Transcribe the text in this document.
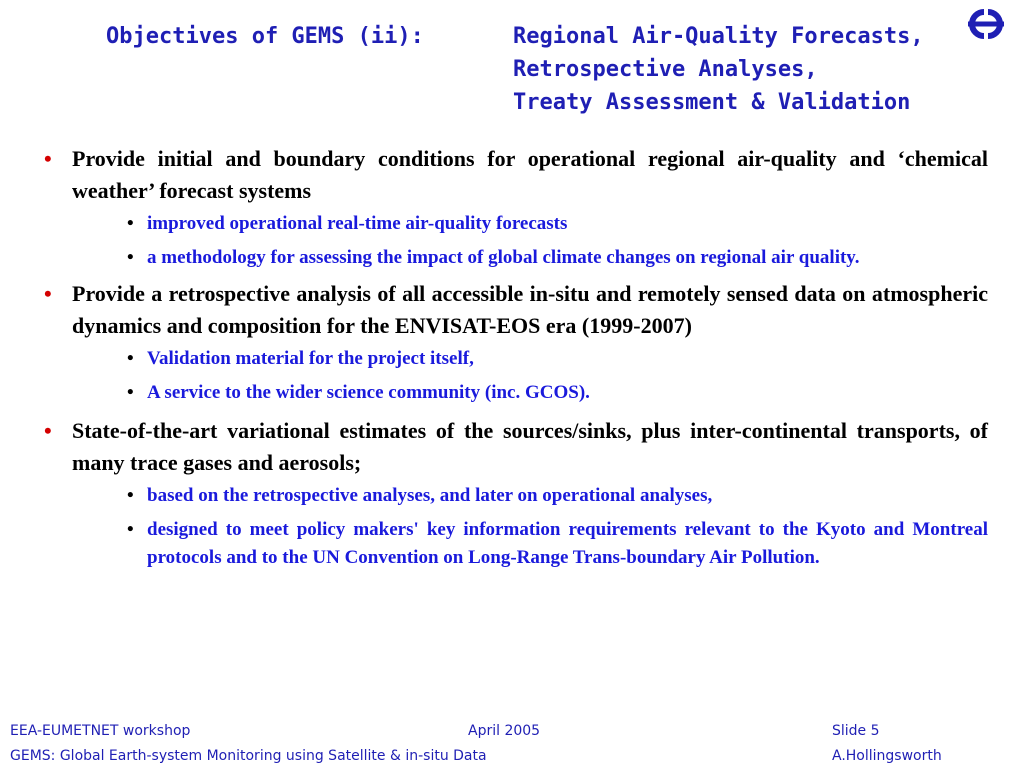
Objectives of GEMS (ii):	Regional Air-Quality Forecasts,
Retrospective Analyses,
Treaty Assessment & Validation
• Provide initial and boundary conditions for operational regional air-quality and ‘chemical weather’ forecast systems
• improved operational real-time air-quality forecasts
• a methodology for assessing the impact of global climate changes on regional air quality.
• Provide a retrospective analysis of all accessible in-situ and remotely sensed data on atmospheric dynamics and composition for the ENVISAT-EOS era (1999-2007)
• Validation material for the project itself,
• A service to the wider science community (inc. GCOS).
• State-of-the-art variational estimates of the sources/sinks, plus inter-continental transports, of many trace gases and aerosols;
• based on the retrospective analyses, and later on operational analyses,
• designed to meet policy makers' key information requirements relevant to the Kyoto and Montreal protocols and to the UN Convention on Long-Range Trans-boundary Air Pollution.
EEA-EUMETNET workshop	April 2005	Slide 5
GEMS: Global Earth-system Monitoring using Satellite & in-situ Data	A.Hollingsworth
